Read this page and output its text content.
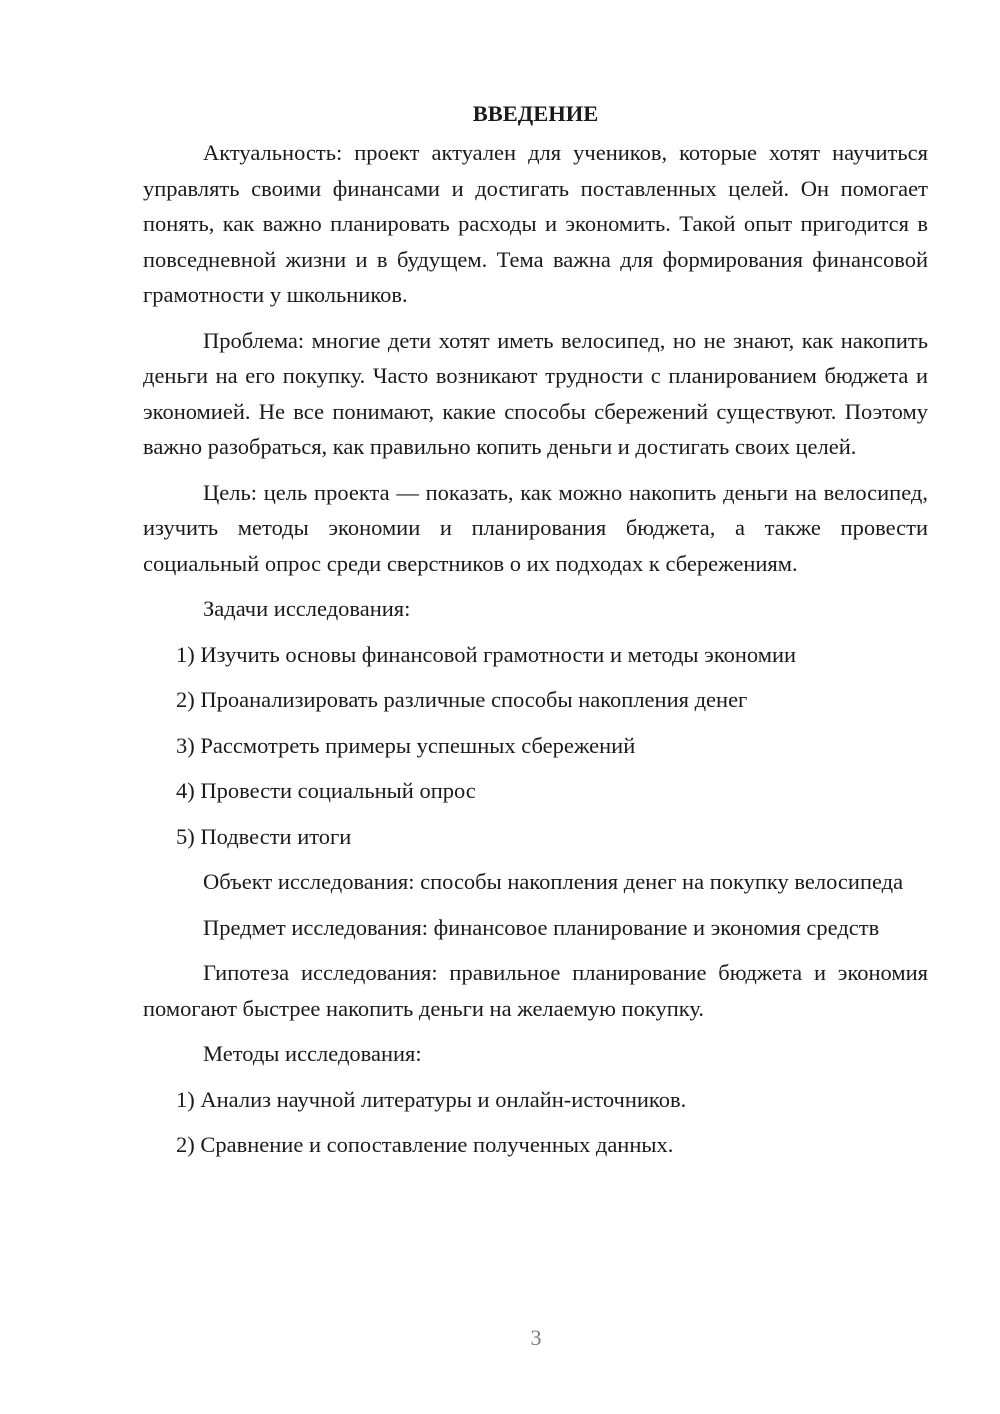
ВВЕДЕНИЕ

Актуальность: проект актуален для учеников, которые хотят научиться управлять своими финансами и достигать поставленных целей. Он помогает понять, как важно планировать расходы и экономить. Такой опыт пригодится в повседневной жизни и в будущем. Тема важна для формирования финансовой грамотности у школьников.

Проблема: многие дети хотят иметь велосипед, но не знают, как накопить деньги на его покупку. Часто возникают трудности с планированием бюджета и экономией. Не все понимают, какие способы сбережений существуют. Поэтому важно разобраться, как правильно копить деньги и достигать своих целей.

Цель: цель проекта — показать, как можно накопить деньги на велосипед, изучить методы экономии и планирования бюджета, а также провести социальный опрос среди сверстников о их подходах к сбережениям.

Задачи исследования:
1) Изучить основы финансовой грамотности и методы экономии
2) Проанализировать различные способы накопления денег
3) Рассмотреть примеры успешных сбережений
4) Провести социальный опрос
5) Подвести итоги

Объект исследования: способы накопления денег на покупку велосипеда

Предмет исследования: финансовое планирование и экономия средств

Гипотеза исследования: правильное планирование бюджета и экономия помогают быстрее накопить деньги на желаемую покупку.

Методы исследования:
1) Анализ научной литературы и онлайн-источников.
2) Сравнение и сопоставление полученных данных.
3
